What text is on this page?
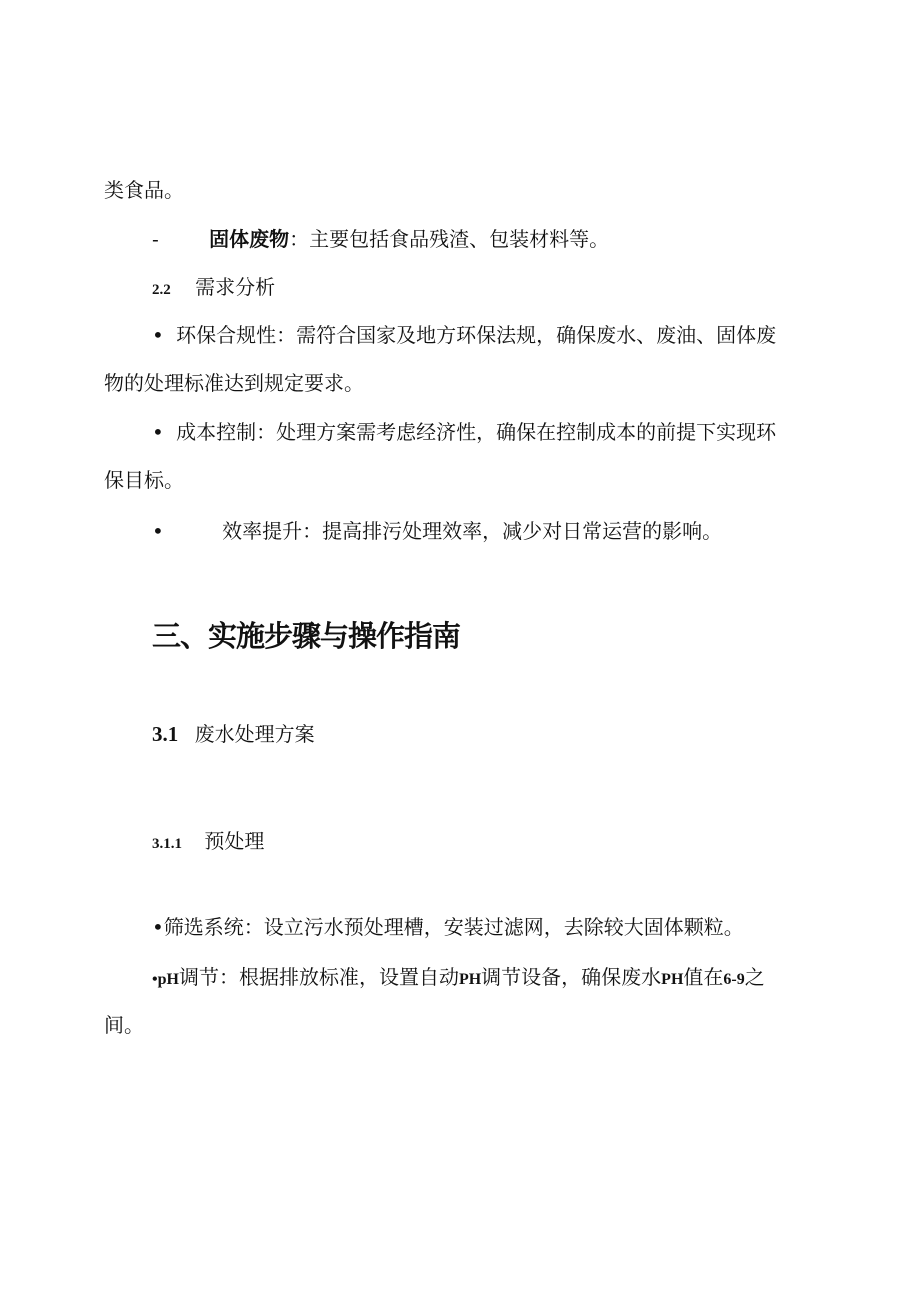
类食品。
-	固体废物：主要包括食品残渣、包装材料等。
2.2 需求分析
• 环保合规性：需符合国家及地方环保法规，确保废水、废油、固体废
物的处理标准达到规定要求。
• 成本控制：处理方案需考虑经济性，确保在控制成本的前提下实现环
保目标。
•	效率提升：提高排污处理效率，减少对日常运营的影响。
三、实施步骤与操作指南
3.1 废水处理方案
3.1.1 预处理
•筛选系统：设立污水预处理槽，安装过滤网，去除较大固体颗粒。
•pH调节：根据排放标准，设置自动PH调节设备，确保废水PH值在6-9之
间。
